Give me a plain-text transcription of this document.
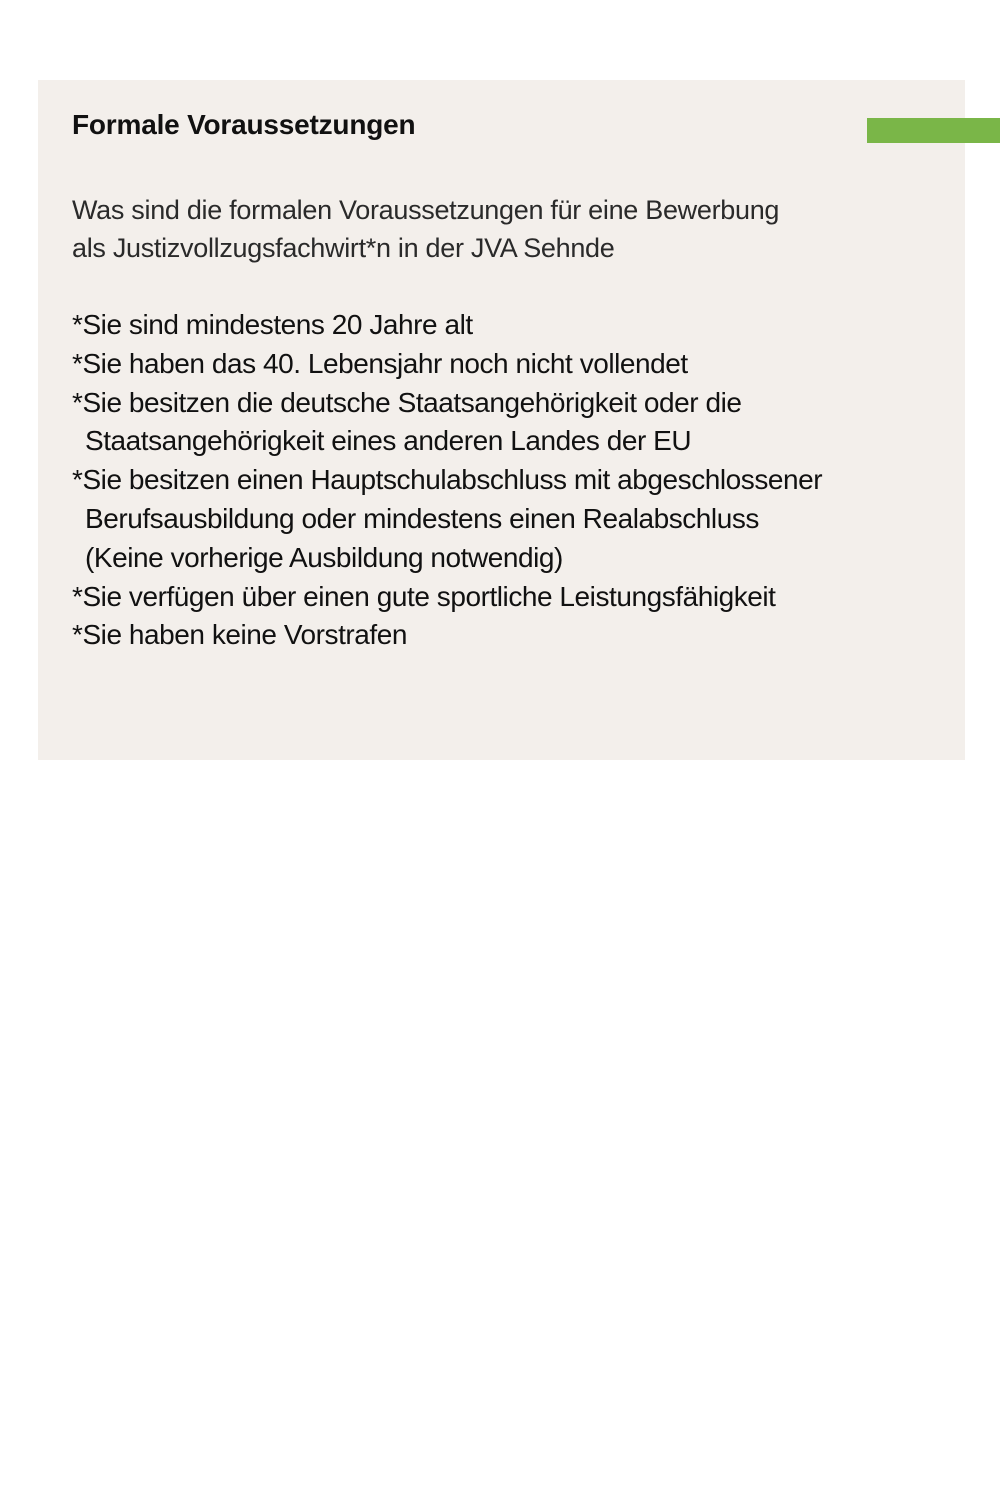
Formale Voraussetzungen

Was sind die formalen Voraussetzungen für eine Bewerbung
als Justizvollzugsfachwirt*n in der JVA Sehnde

*Sie sind mindestens 20 Jahre alt
*Sie haben das 40. Lebensjahr noch nicht vollendet
*Sie besitzen die deutsche Staatsangehörigkeit oder die
Staatsangehörigkeit eines anderen Landes der EU
*Sie besitzen einen Hauptschulabschluss mit abgeschlossener
Berufsausbildung oder mindestens einen Realabschluss
(Keine vorherige Ausbildung notwendig)
*Sie verfügen über einen gute sportliche Leistungsfähigkeit
*Sie haben keine Vorstrafen
